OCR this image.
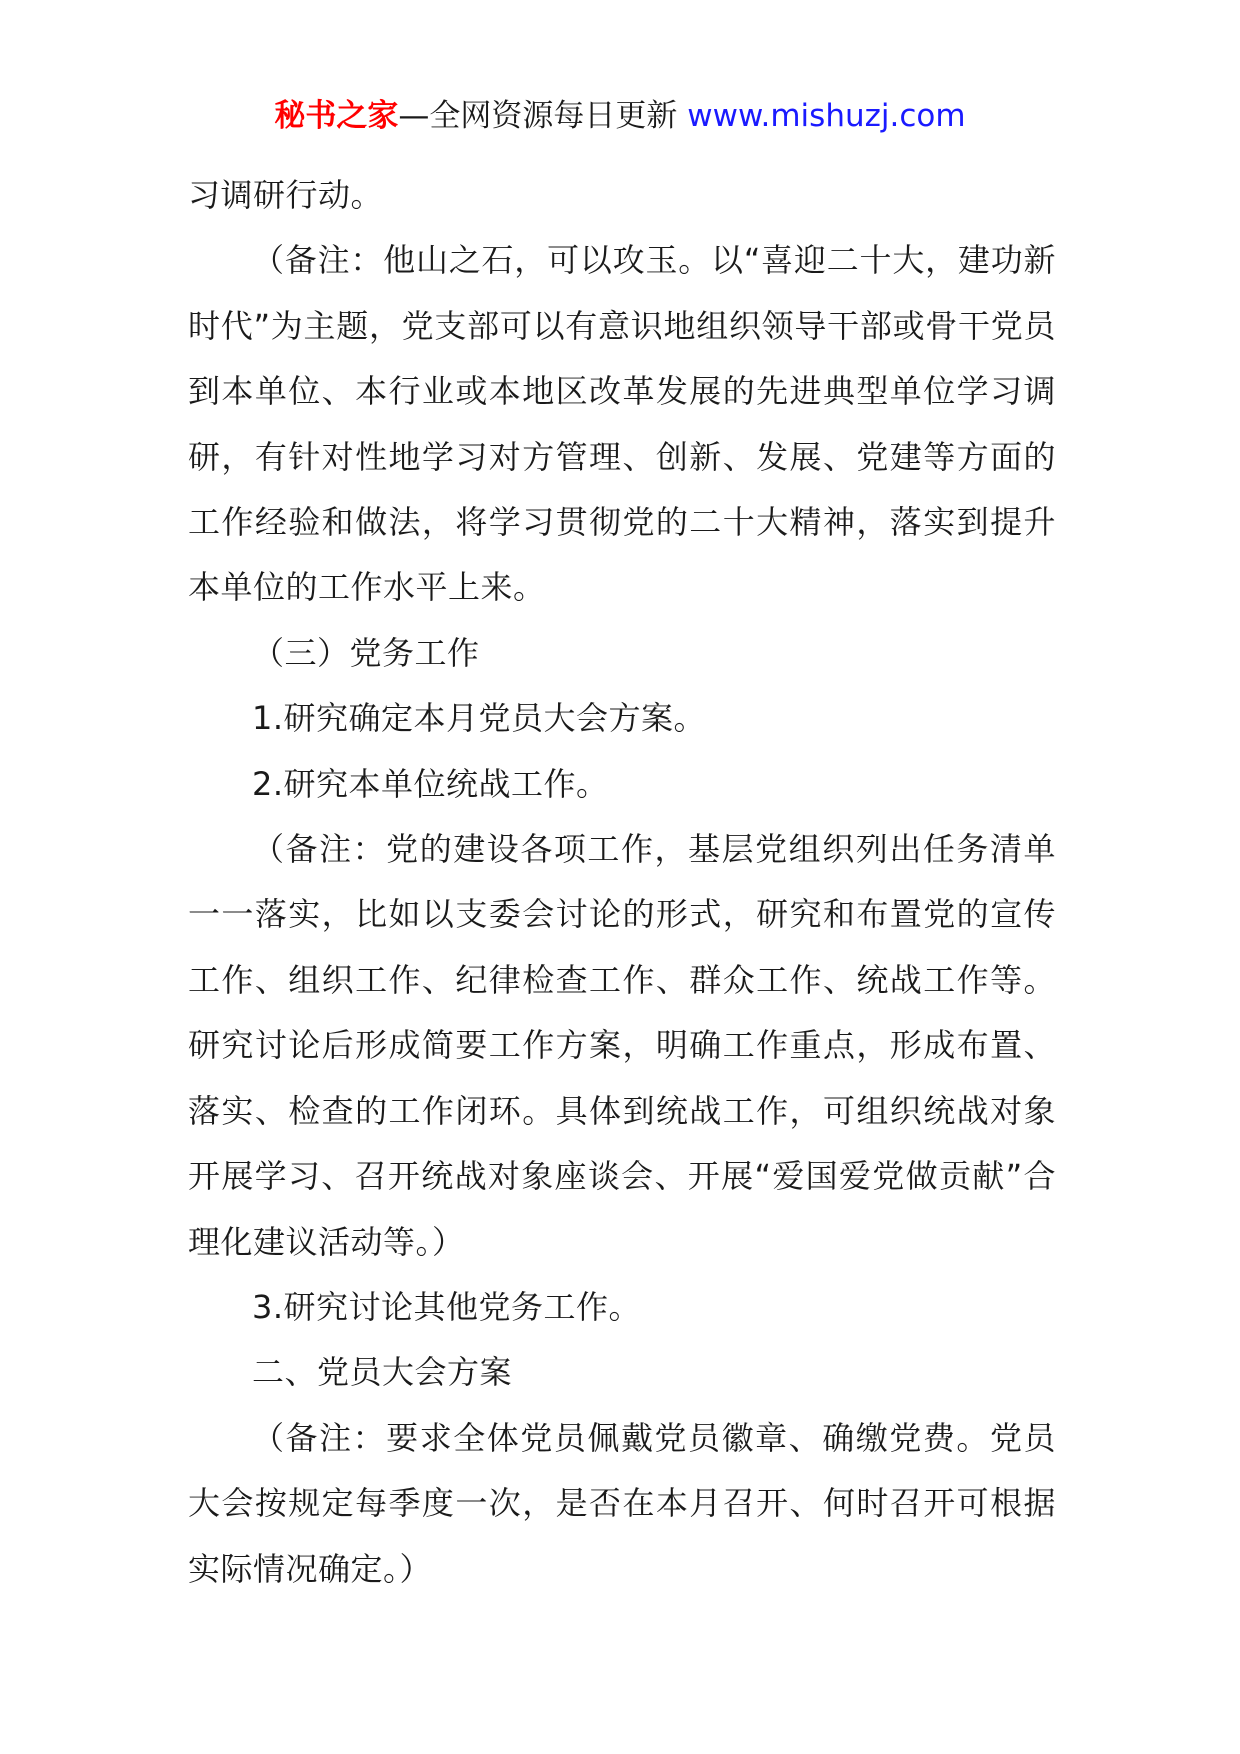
秘书之家—全网资源每日更新 www.mishuzj.com

习调研行动。

（备注：他山之石，可以攻玉。以“喜迎二十大，建功新时代”为主题，党支部可以有意识地组织领导干部或骨干党员到本单位、本行业或本地区改革发展的先进典型单位学习调研，有针对性地学习对方管理、创新、发展、党建等方面的工作经验和做法，将学习贯彻党的二十大精神，落实到提升本单位的工作水平上来。

（三）党务工作

1.研究确定本月党员大会方案。

2.研究本单位统战工作。

（备注：党的建设各项工作，基层党组织列出任务清单一一落实，比如以支委会讨论的形式，研究和布置党的宣传工作、组织工作、纪律检查工作、群众工作、统战工作等。研究讨论后形成简要工作方案，明确工作重点，形成布置、落实、检查的工作闭环。具体到统战工作，可组织统战对象开展学习、召开统战对象座谈会、开展“爱国爱党做贡献”合理化建议活动等。）

3.研究讨论其他党务工作。

二、党员大会方案

（备注：要求全体党员佩戴党员徽章、确缴党费。党员大会按规定每季度一次，是否在本月召开、何时召开可根据实际情况确定。）
